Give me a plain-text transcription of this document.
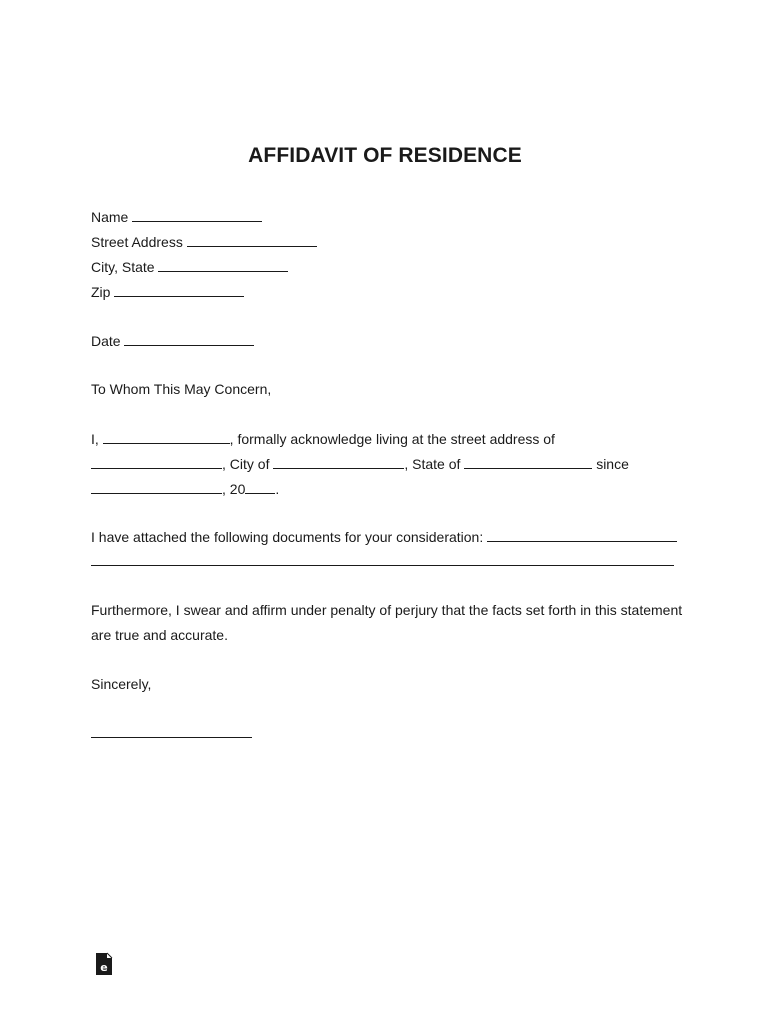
AFFIDAVIT OF RESIDENCE
Name
Street Address
City, State
Zip
Date
To Whom This May Concern,
I,	, formally acknowledge living at the street address of
, City of	, State of	since
, 20 .
I have attached the following documents for your consideration:
Furthermore, I swear and affirm under penalty of perjury that the facts set forth in this statement
are true and accurate.
Sincerely,
e
